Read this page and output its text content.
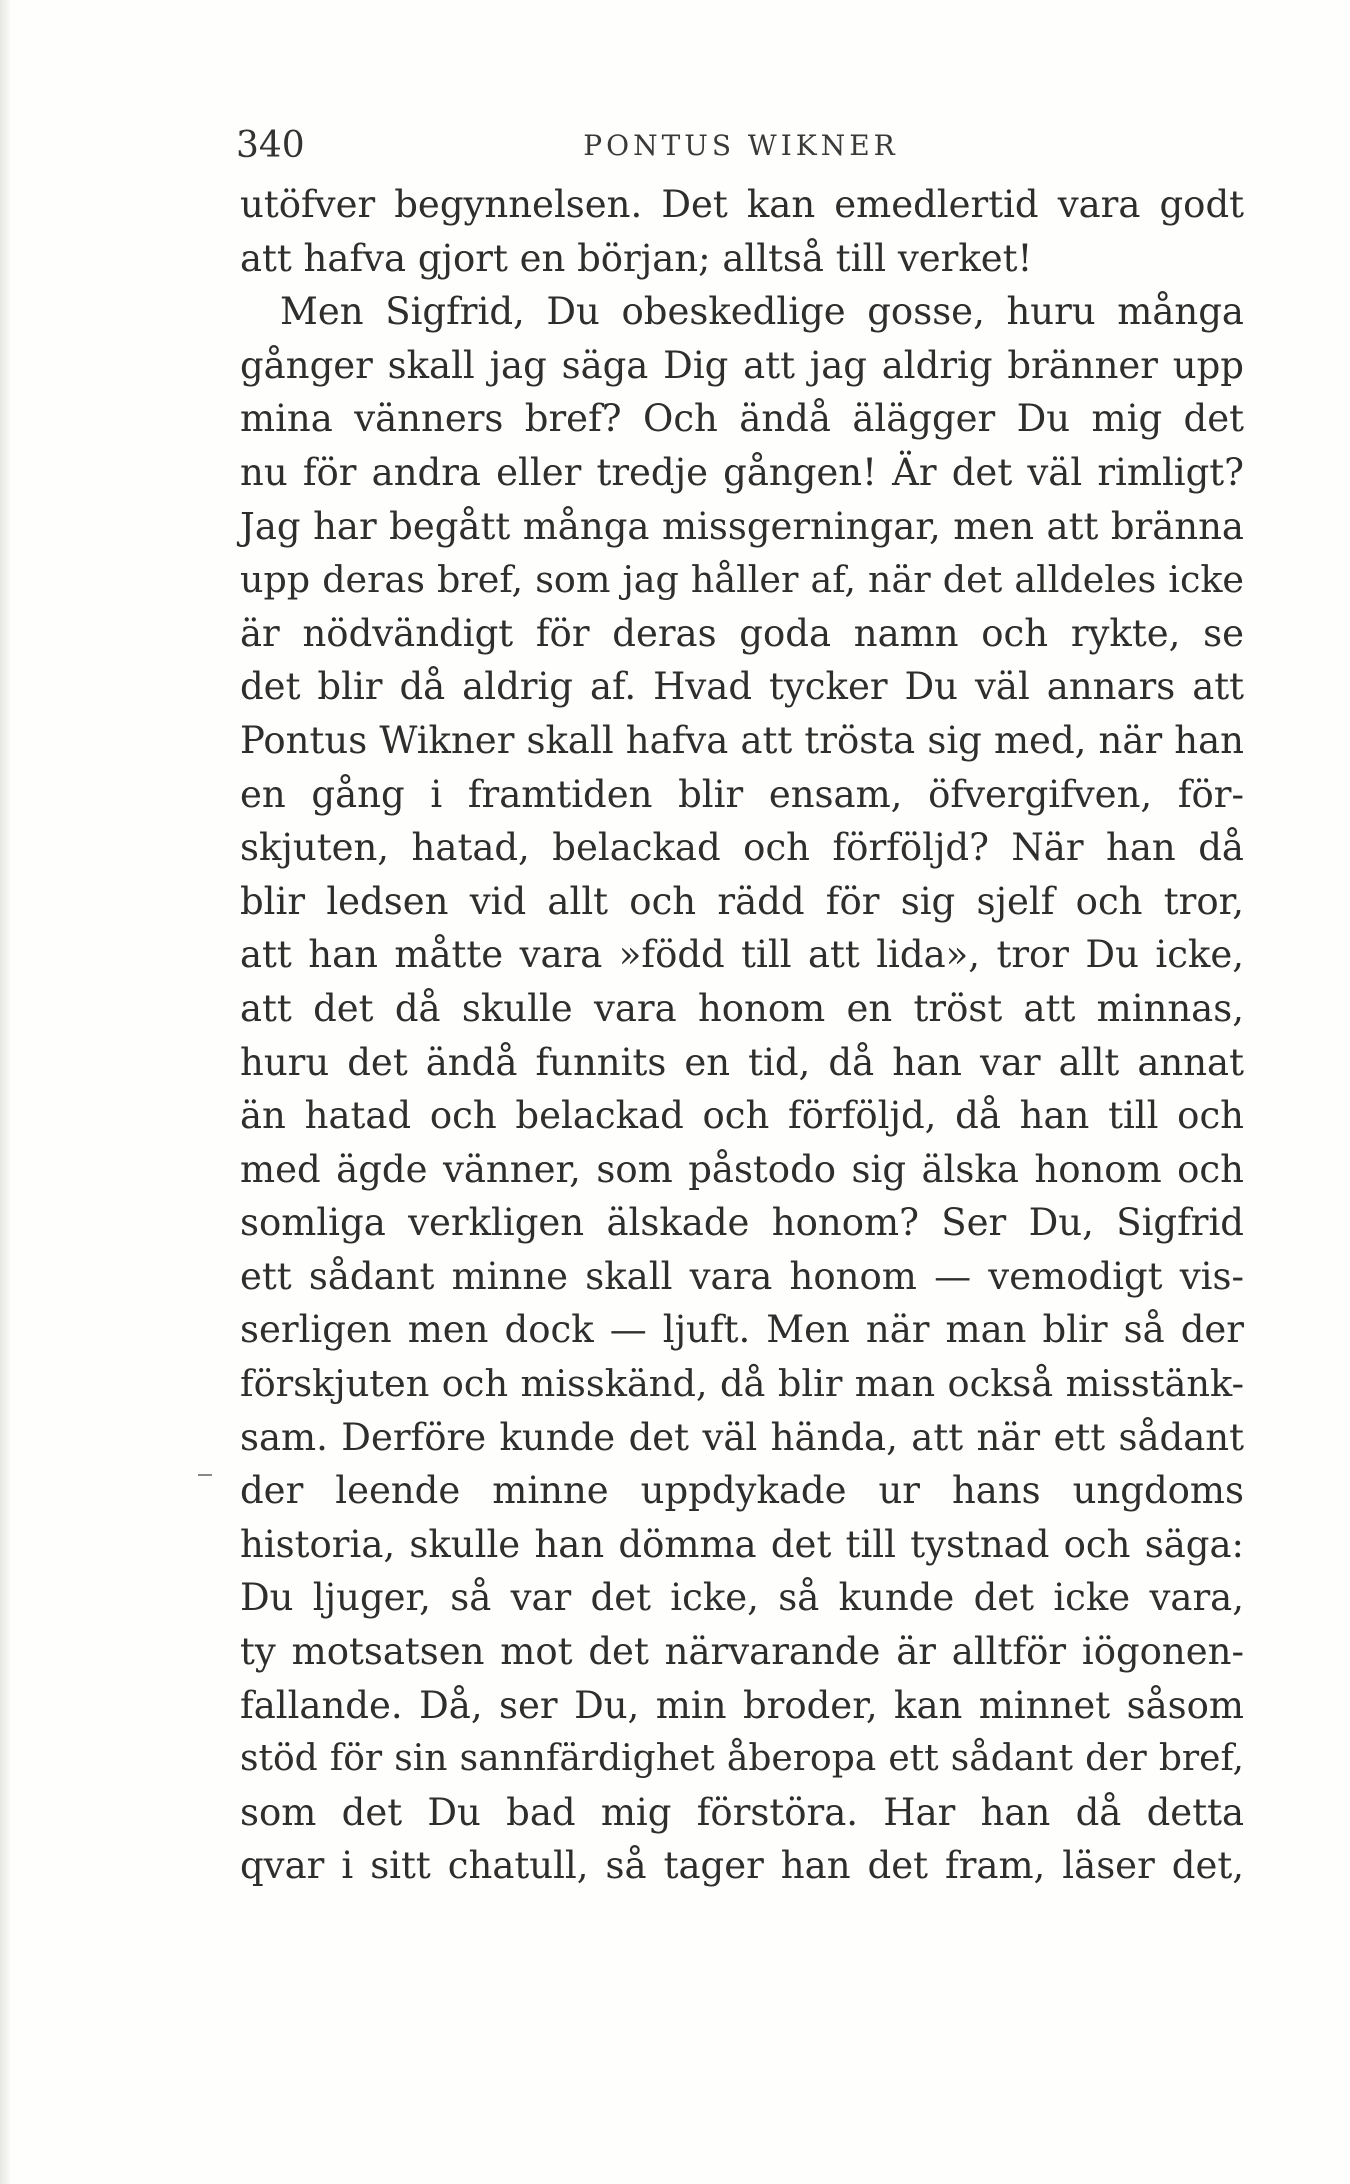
340	PONTUS WIKNER
utöfver begynnelsen. Det kan emedlertid vara godt
att hafva gjort en början; alltså till verket!
Men Sigfrid, Du obeskedlige gosse, huru många
gånger skall jag säga Dig att jag aldrig bränner upp
mina vänners bref? Och ändå älägger Du mig det
nu för andra eller tredje gången! Är det väl rimligt?
Jag har begått många missgerningar, men att bränna
upp deras bref, som jag håller af, när det alldeles icke
är nödvändigt för deras goda namn och rykte, se
det blir då aldrig af. Hvad tycker Du väl annars att
Pontus Wikner skall hafva att trösta sig med, när han
en gång i framtiden blir ensam, öfvergifven, för-
skjuten, hatad, belackad och förföljd? När han då
blir ledsen vid allt och rädd för sig sjelf och tror,
att han måtte vara »född till att lida», tror Du icke,
att det då skulle vara honom en tröst att minnas,
huru det ändå funnits en tid, då han var allt annat
än hatad och belackad och förföljd, då han till och
med ägde vänner, som påstodo sig älska honom och
somliga verkligen älskade honom? Ser Du, Sigfrid
ett sådant minne skall vara honom — vemodigt vis-
serligen men dock — ljuft. Men när man blir så der
förskjuten och misskänd, då blir man också misstänk-
sam. Derföre kunde det väl hända, att när ett sådant
der leende minne uppdykade ur hans ungdoms
historia, skulle han dömma det till tystnad och säga:
Du ljuger, så var det icke, så kunde det icke vara,
ty motsatsen mot det närvarande är alltför iögonen-
fallande. Då, ser Du, min broder, kan minnet såsom
stöd för sin sannfärdighet åberopa ett sådant der bref,
som det Du bad mig förstöra. Har han då detta
qvar i sitt chatull, så tager han det fram, läser det,
